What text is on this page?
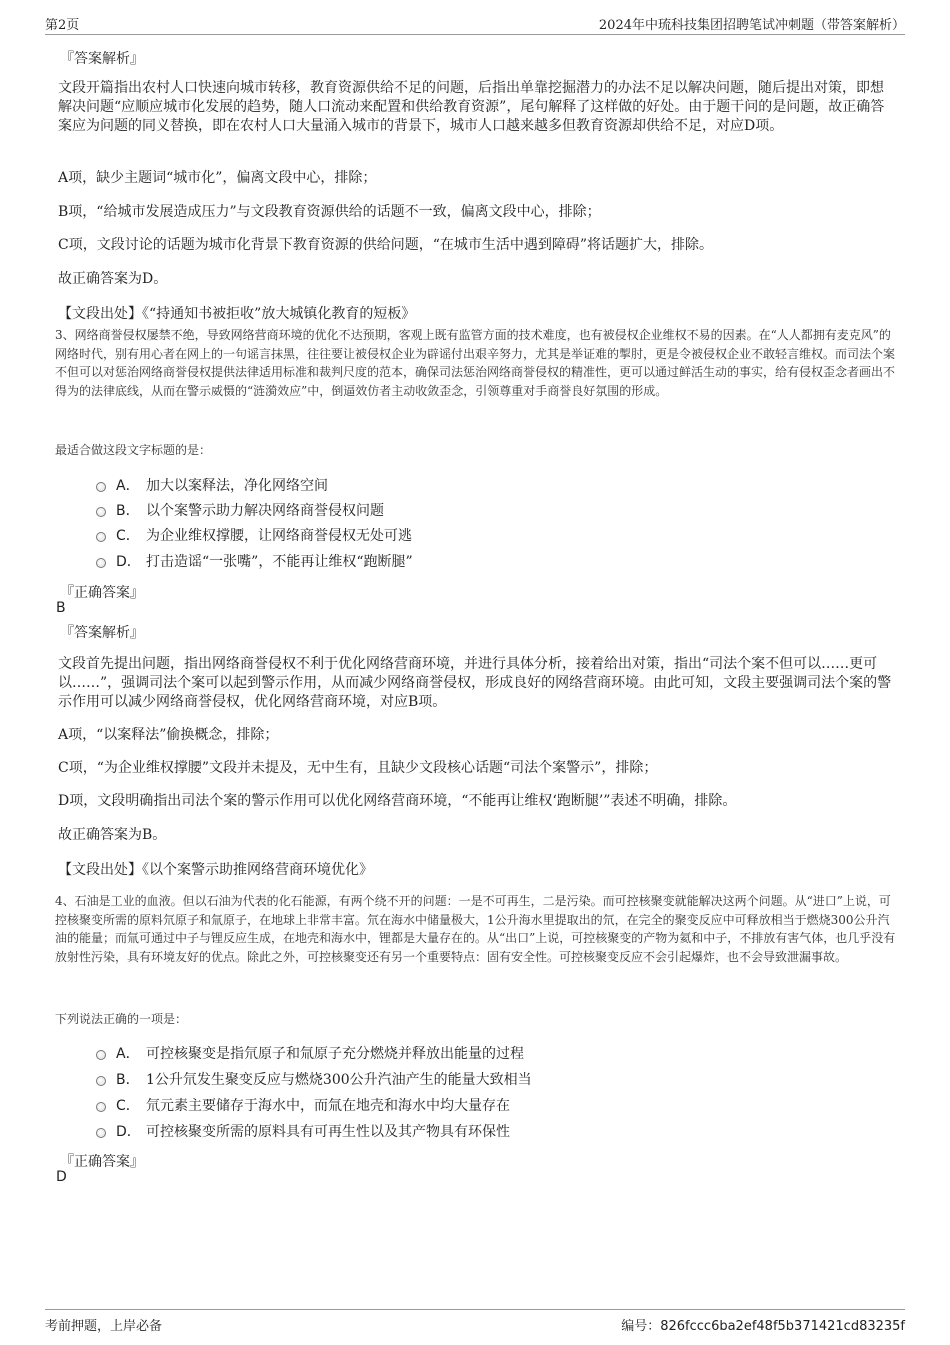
第2页	2024年中琉科技集团招聘笔试冲刺题（带答案解析）
『答案解析』
文段开篇指出农村人口快速向城市转移，教育资源供给不足的问题，后指出单靠挖掘潜力的办法不足以解决问题，随后提出对策，即想解决问题“应顺应城市化发展的趋势，随人口流动来配置和供给教育资源”，尾句解释了这样做的好处。由于题干问的是问题，故正确答案应为问题的同义替换，即在农村人口大量涌入城市的背景下，城市人口越来越多但教育资源却供给不足，对应D项。
A项，缺少主题词“城市化”，偏离文段中心，排除；
B项，“给城市发展造成压力”与文段教育资源供给的话题不一致，偏离文段中心，排除；
C项，文段讨论的话题为城市化背景下教育资源的供给问题，“在城市生活中遇到障碍”将话题扩大，排除。
故正确答案为D。
【文段出处】《“持通知书被拒收”放大城镇化教育的短板》
3、网络商誉侵权屡禁不绝，导致网络营商环境的优化不达预期，客观上既有监管方面的技术难度，也有被侵权企业维权不易的因素。在“人人都拥有麦克风”的网络时代，别有用心者在网上的一句谣言抹黑，往往要让被侵权企业为辟谣付出艰辛努力，尤其是举证难的掣肘，更是令被侵权企业不敢轻言维权。而司法个案不但可以对惩治网络商誉侵权提供法律适用标准和裁判尺度的范本，确保司法惩治网络商誉侵权的精准性，更可以通过鲜活生动的事实，给有侵权歪念者画出不得为的法律底线，从而在警示威慑的“涟漪效应”中，倒逼效仿者主动收敛歪念，引领尊重对手商誉良好氛围的形成。
最适合做这段文字标题的是：
A． 加大以案释法，净化网络空间
B． 以个案警示助力解决网络商誉侵权问题
C． 为企业维权撑腰，让网络商誉侵权无处可逃
D． 打击造谣“一张嘴”，不能再让维权“跑断腿”
『正确答案』
B
『答案解析』
文段首先提出问题，指出网络商誉侵权不利于优化网络营商环境，并进行具体分析，接着给出对策，指出“司法个案不但可以……更可以……”，强调司法个案可以起到警示作用，从而减少网络商誉侵权，形成良好的网络营商环境。由此可知，文段主要强调司法个案的警示作用可以减少网络商誉侵权，优化网络营商环境，对应B项。
A项，“以案释法”偷换概念，排除；
C项，“为企业维权撑腰”文段并未提及，无中生有，且缺少文段核心话题“司法个案警示”，排除；
D项，文段明确指出司法个案的警示作用可以优化网络营商环境，“不能再让维权‘跑断腿’”表述不明确，排除。
故正确答案为B。
【文段出处】《以个案警示助推网络营商环境优化》
4、石油是工业的血液。但以石油为代表的化石能源，有两个绕不开的问题：一是不可再生，二是污染。而可控核聚变就能解决这两个问题。从“进口”上说，可控核聚变所需的原料氘原子和氚原子，在地球上非常丰富。氘在海水中储量极大，1公升海水里提取出的氘，在完全的聚变反应中可释放相当于燃烧300公升汽油的能量；而氚可通过中子与锂反应生成，在地壳和海水中，锂都是大量存在的。从“出口”上说，可控核聚变的产物为氦和中子，不排放有害气体，也几乎没有放射性污染，具有环境友好的优点。除此之外，可控核聚变还有另一个重要特点：固有安全性。可控核聚变反应不会引起爆炸，也不会导致泄漏事故。
下列说法正确的一项是：
A． 可控核聚变是指氘原子和氚原子充分燃烧并释放出能量的过程
B． 1公升氘发生聚变反应与燃烧300公升汽油产生的能量大致相当
C． 氘元素主要储存于海水中，而氚在地壳和海水中均大量存在
D． 可控核聚变所需的原料具有可再生性以及其产物具有环保性
『正确答案』
D
考前押题，上岸必备	编号：826fccc6ba2ef48f5b371421cd83235f
